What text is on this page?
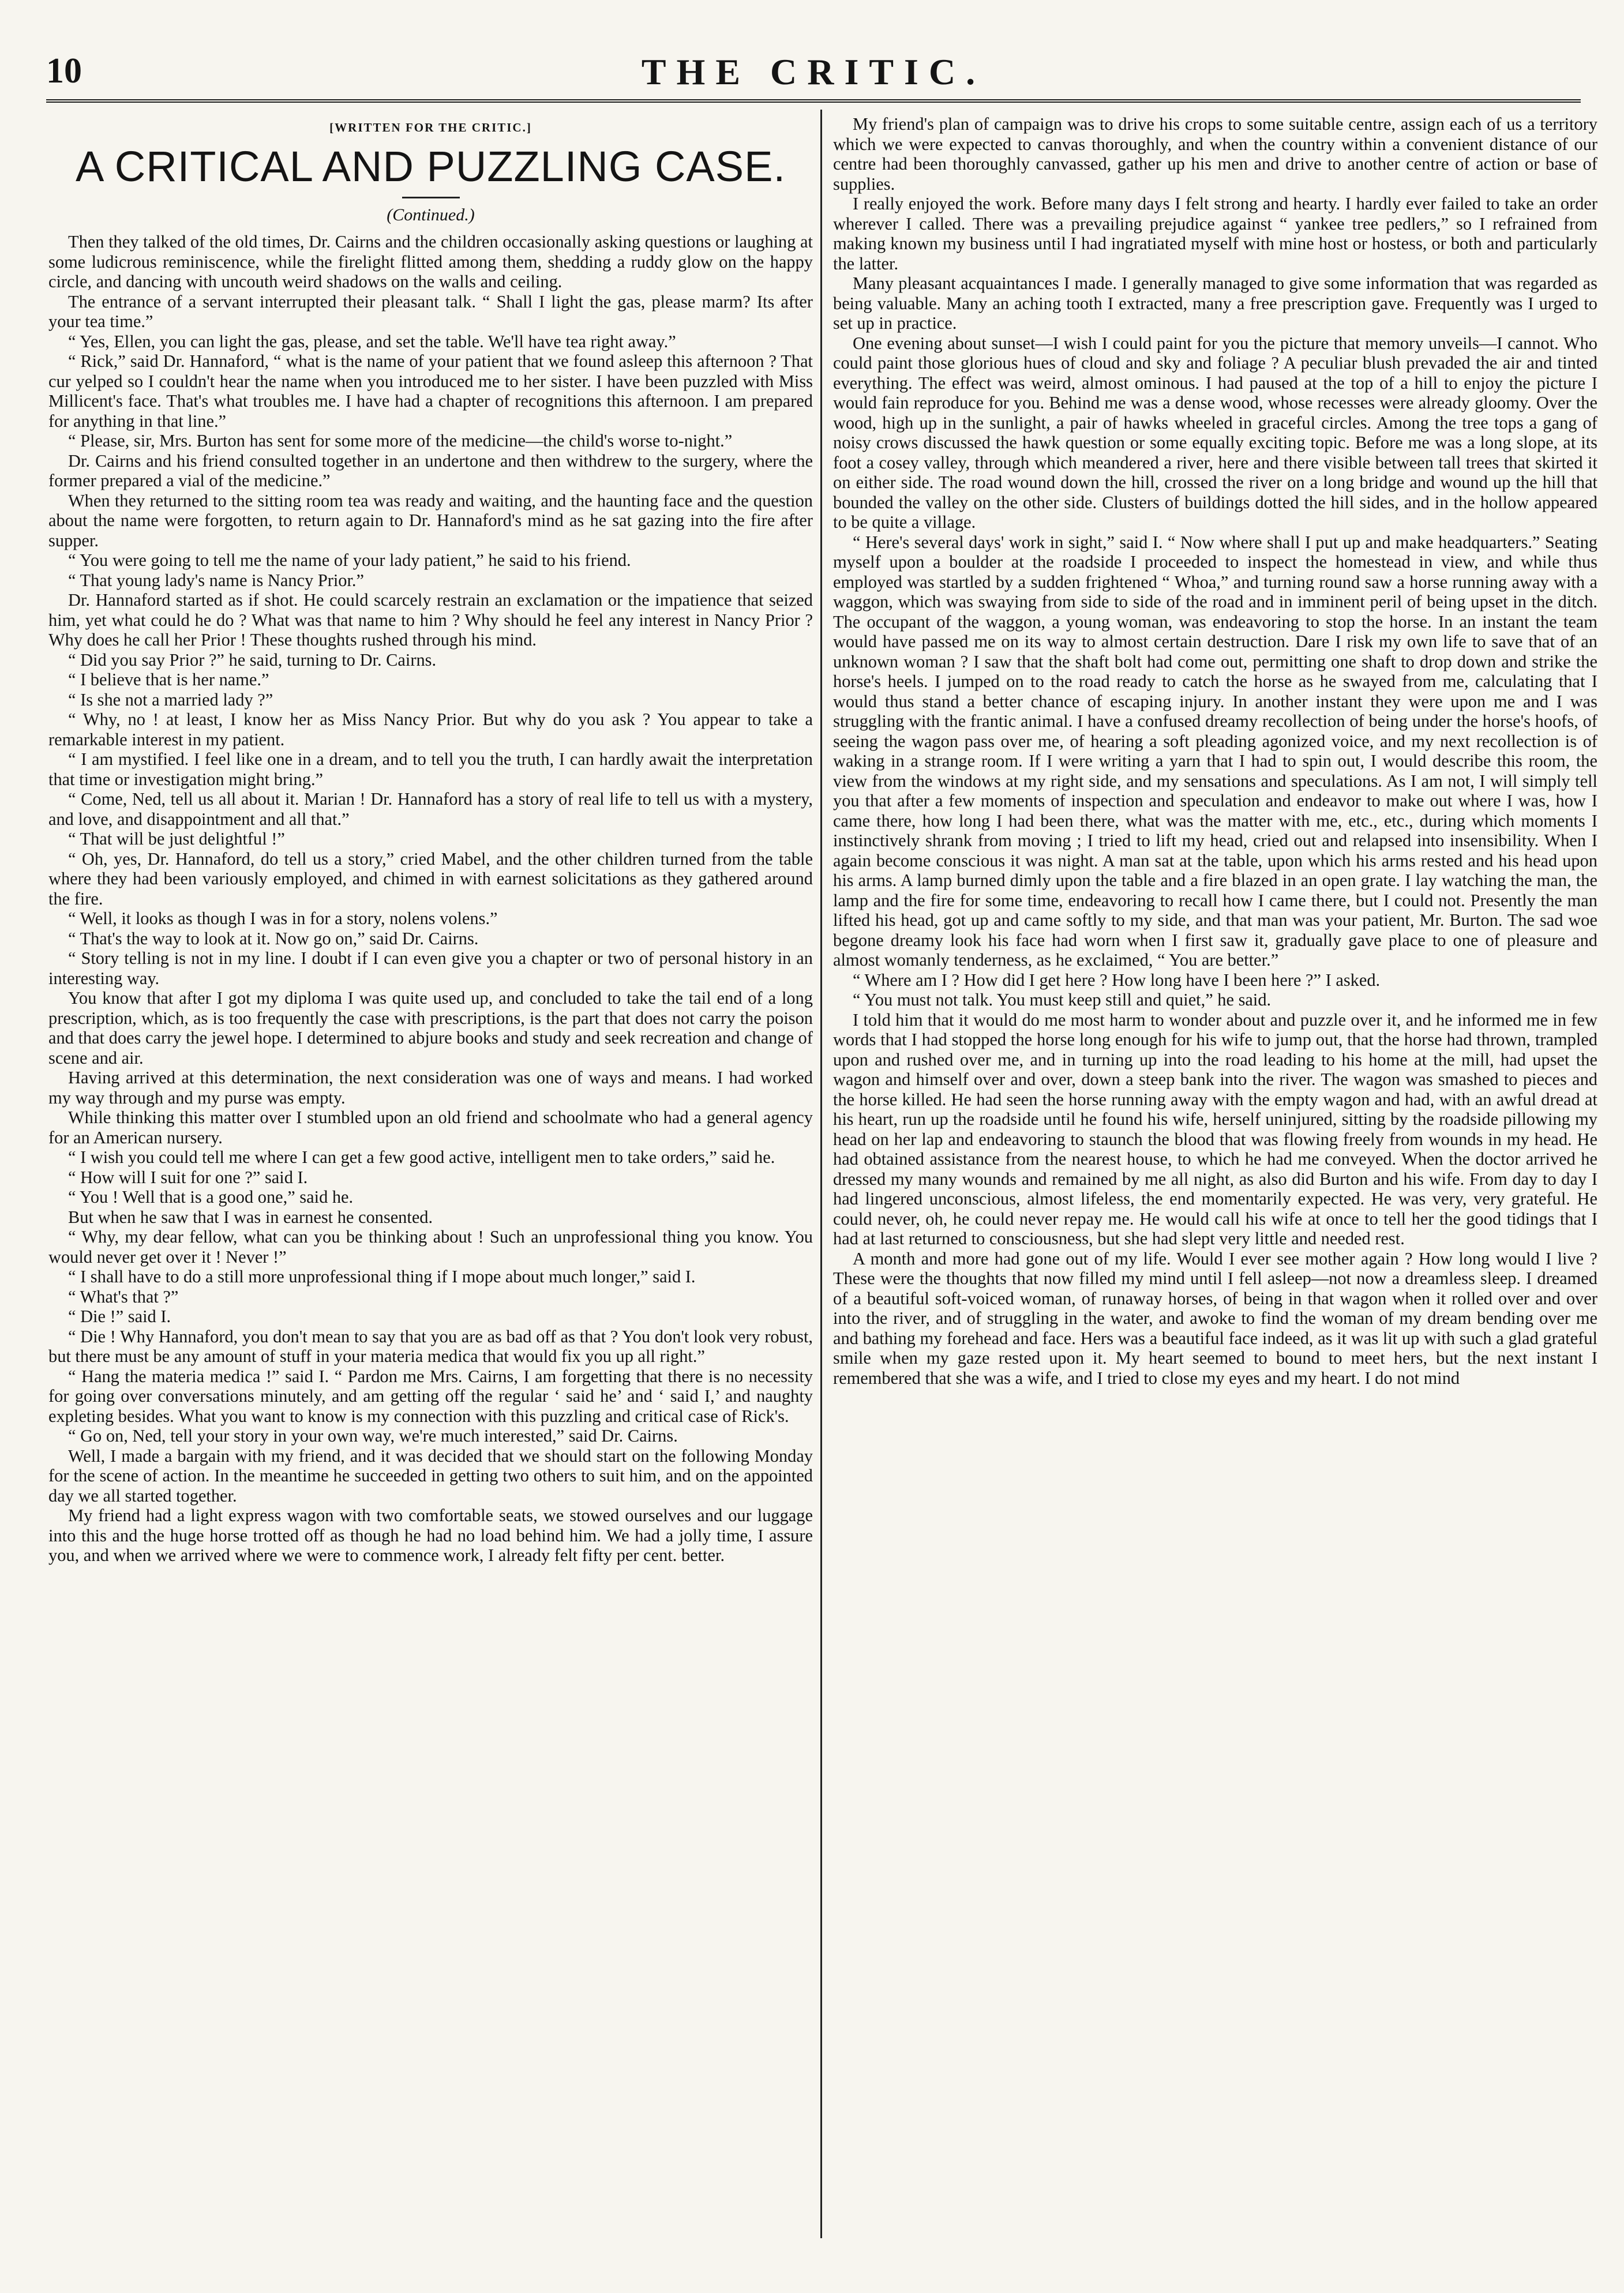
10	THE CRITIC.
[WRITTEN FOR THE CRITIC.]
A CRITICAL AND PUZZLING CASE.
(Continued.)

Then they talked of the old times, Dr. Cairns and the children occasionally asking questions or laughing at some ludicrous reminiscence, while the firelight flitted among them, shedding a ruddy glow on the happy circle, and dancing with uncouth weird shadows on the walls and ceiling.

The entrance of a servant interrupted their pleasant talk. “ Shall I light the gas, please marm? Its after your tea time.”

“ Yes, Ellen, you can light the gas, please, and set the table. We'll have tea right away.”

“ Rick,” said Dr. Hannaford, “ what is the name of your patient that we found asleep this afternoon ? That cur yelped so I couldn't hear the name when you introduced me to her sister. I have been puzzled with Miss Millicent's face. That's what troubles me. I have had a chapter of recognitions this afternoon. I am prepared for anything in that line.”

“ Please, sir, Mrs. Burton has sent for some more of the medicine—the child's worse to-night.”

Dr. Cairns and his friend consulted together in an undertone and then withdrew to the surgery, where the former prepared a vial of the medicine.”

When they returned to the sitting room tea was ready and waiting, and the haunting face and the question about the name were forgotten, to return again to Dr. Hannaford's mind as he sat gazing into the fire after supper.

“ You were going to tell me the name of your lady patient,” he said to his friend.

“ That young lady's name is Nancy Prior.”

Dr. Hannaford started as if shot. He could scarcely restrain an exclamation or the impatience that seized him, yet what could he do ? What was that name to him ? Why should he feel any interest in Nancy Prior ? Why does he call her Prior ! These thoughts rushed through his mind.

“ Did you say Prior ?” he said, turning to Dr. Cairns.

“ I believe that is her name.”

“ Is she not a married lady ?”

“ Why, no ! at least, I know her as Miss Nancy Prior. But why do you ask ? You appear to take a remarkable interest in my patient.

“ I am mystified. I feel like one in a dream, and to tell you the truth, I can hardly await the interpretation that time or investigation might bring.”

“ Come, Ned, tell us all about it. Marian ! Dr. Hannaford has a story of real life to tell us with a mystery, and love, and disappointment and all that.”

“ That will be just delightful !”

“ Oh, yes, Dr. Hannaford, do tell us a story,” cried Mabel, and the other children turned from the table where they had been variously employed, and chimed in with earnest solicitations as they gathered around the fire.

“ Well, it looks as though I was in for a story, nolens volens.”

“ That's the way to look at it. Now go on,” said Dr. Cairns.

“ Story telling is not in my line. I doubt if I can even give you a chapter or two of personal history in an interesting way.

You know that after I got my diploma I was quite used up, and concluded to take the tail end of a long prescription, which, as is too frequently the case with prescriptions, is the part that does not carry the poison and that does carry the jewel hope. I determined to abjure books and study and seek recreation and change of scene and air.

Having arrived at this determination, the next consideration was one of ways and means. I had worked my way through and my purse was empty.

While thinking this matter over I stumbled upon an old friend and schoolmate who had a general agency for an American nursery.

“ I wish you could tell me where I can get a few good active, intelligent men to take orders,” said he.

“ How will I suit for one ?” said I.

“ You ! Well that is a good one,” said he.

But when he saw that I was in earnest he consented.

“ Why, my dear fellow, what can you be thinking about ! Such an unprofessional thing you know. You would never get over it ! Never !”

“ I shall have to do a still more unprofessional thing if I mope about much longer,” said I.

“ What's that ?”

“ Die !” said I.

“ Die ! Why Hannaford, you don't mean to say that you are as bad off as that ? You don't look very robust, but there must be any amount of stuff in your materia medica that would fix you up all right.”

“ Hang the materia medica !” said I. “ Pardon me Mrs. Cairns, I am forgetting that there is no necessity for going over conversations minutely, and am getting off the regular ‘ said he’ and ‘ said I,’ and naughty expleting besides. What you want to know is my connection with this puzzling and critical case of Rick's.

“ Go on, Ned, tell your story in your own way, we're much interested,” said Dr. Cairns.

Well, I made a bargain with my friend, and it was decided that we should start on the following Monday for the scene of action. In the meantime he succeeded in getting two others to suit him, and on the appointed day we all started together.

My friend had a light express wagon with two comfortable seats, we stowed ourselves and our luggage into this and the huge horse trotted off as though he had no load behind him. We had a jolly time, I assure you, and when we arrived where we were to commence work, I already felt fifty per cent. better.

My friend's plan of campaign was to drive his crops to some suitable centre, assign each of us a territory which we were expected to canvas thoroughly, and when the country within a convenient distance of our centre had been thoroughly canvassed, gather up his men and drive to another centre of action or base of supplies.

I really enjoyed the work. Before many days I felt strong and hearty. I hardly ever failed to take an order wherever I called. There was a prevailing prejudice against “ yankee tree pedlers,” so I refrained from making known my business until I had ingratiated myself with mine host or hostess, or both and particularly the latter.

Many pleasant acquaintances I made. I generally managed to give some information that was regarded as being valuable. Many an aching tooth I extracted, many a free prescription gave. Frequently was I urged to set up in practice.

One evening about sunset—I wish I could paint for you the picture that memory unveils—I cannot. Who could paint those glorious hues of cloud and sky and foliage ? A peculiar blush prevaded the air and tinted everything. The effect was weird, almost ominous. I had paused at the top of a hill to enjoy the picture I would fain reproduce for you. Behind me was a dense wood, whose recesses were already gloomy. Over the wood, high up in the sunlight, a pair of hawks wheeled in graceful circles. Among the tree tops a gang of noisy crows discussed the hawk question or some equally exciting topic. Before me was a long slope, at its foot a cosey valley, through which meandered a river, here and there visible between tall trees that skirted it on either side. The road wound down the hill, crossed the river on a long bridge and wound up the hill that bounded the valley on the other side. Clusters of buildings dotted the hill sides, and in the hollow appeared to be quite a village.

“ Here's several days' work in sight,” said I. “ Now where shall I put up and make headquarters.” Seating myself upon a boulder at the roadside I proceeded to inspect the homestead in view, and while thus employed was startled by a sudden frightened “ Whoa,” and turning round saw a horse running away with a waggon, which was swaying from side to side of the road and in imminent peril of being upset in the ditch. The occupant of the waggon, a young woman, was endeavoring to stop the horse. In an instant the team would have passed me on its way to almost certain destruction. Dare I risk my own life to save that of an unknown woman ? I saw that the shaft bolt had come out, permitting one shaft to drop down and strike the horse's heels. I jumped on to the road ready to catch the horse as he swayed from me, calculating that I would thus stand a better chance of escaping injury. In another instant they were upon me and I was struggling with the frantic animal. I have a confused dreamy recollection of being under the horse's hoofs, of seeing the wagon pass over me, of hearing a soft pleading agonized voice, and my next recollection is of waking in a strange room. If I were writing a yarn that I had to spin out, I would describe this room, the view from the windows at my right side, and my sensations and speculations. As I am not, I will simply tell you that after a few moments of inspection and speculation and endeavor to make out where I was, how I came there, how long I had been there, what was the matter with me, etc., etc., during which moments I instinctively shrank from moving ; I tried to lift my head, cried out and relapsed into insensibility. When I again become conscious it was night. A man sat at the table, upon which his arms rested and his head upon his arms. A lamp burned dimly upon the table and a fire blazed in an open grate. I lay watching the man, the lamp and the fire for some time, endeavoring to recall how I came there, but I could not. Presently the man lifted his head, got up and came softly to my side, and that man was your patient, Mr. Burton. The sad woe begone dreamy look his face had worn when I first saw it, gradually gave place to one of pleasure and almost womanly tenderness, as he exclaimed, “ You are better.”

“ Where am I ? How did I get here ? How long have I been here ?” I asked.

“ You must not talk. You must keep still and quiet,” he said.

I told him that it would do me most harm to wonder about and puzzle over it, and he informed me in few words that I had stopped the horse long enough for his wife to jump out, that the horse had thrown, trampled upon and rushed over me, and in turning up into the road leading to his home at the mill, had upset the wagon and himself over and over, down a steep bank into the river. The wagon was smashed to pieces and the horse killed. He had seen the horse running away with the empty wagon and had, with an awful dread at his heart, run up the roadside until he found his wife, herself uninjured, sitting by the roadside pillowing my head on her lap and endeavoring to staunch the blood that was flowing freely from wounds in my head. He had obtained assistance from the nearest house, to which he had me conveyed. When the doctor arrived he dressed my many wounds and remained by me all night, as also did Burton and his wife. From day to day I had lingered unconscious, almost lifeless, the end momentarily expected. He was very, very grateful. He could never, oh, he could never repay me. He would call his wife at once to tell her the good tidings that I had at last returned to consciousness, but she had slept very little and needed rest.

A month and more had gone out of my life. Would I ever see mother again ? How long would I live ? These were the thoughts that now filled my mind until I fell asleep—not now a dreamless sleep. I dreamed of a beautiful soft-voiced woman, of runaway horses, of being in that wagon when it rolled over and over into the river, and of struggling in the water, and awoke to find the woman of my dream bending over me and bathing my forehead and face. Hers was a beautiful face indeed, as it was lit up with such a glad grateful smile when my gaze rested upon it. My heart seemed to bound to meet hers, but the next instant I remembered that she was a wife, and I tried to close my eyes and my heart. I do not mind
